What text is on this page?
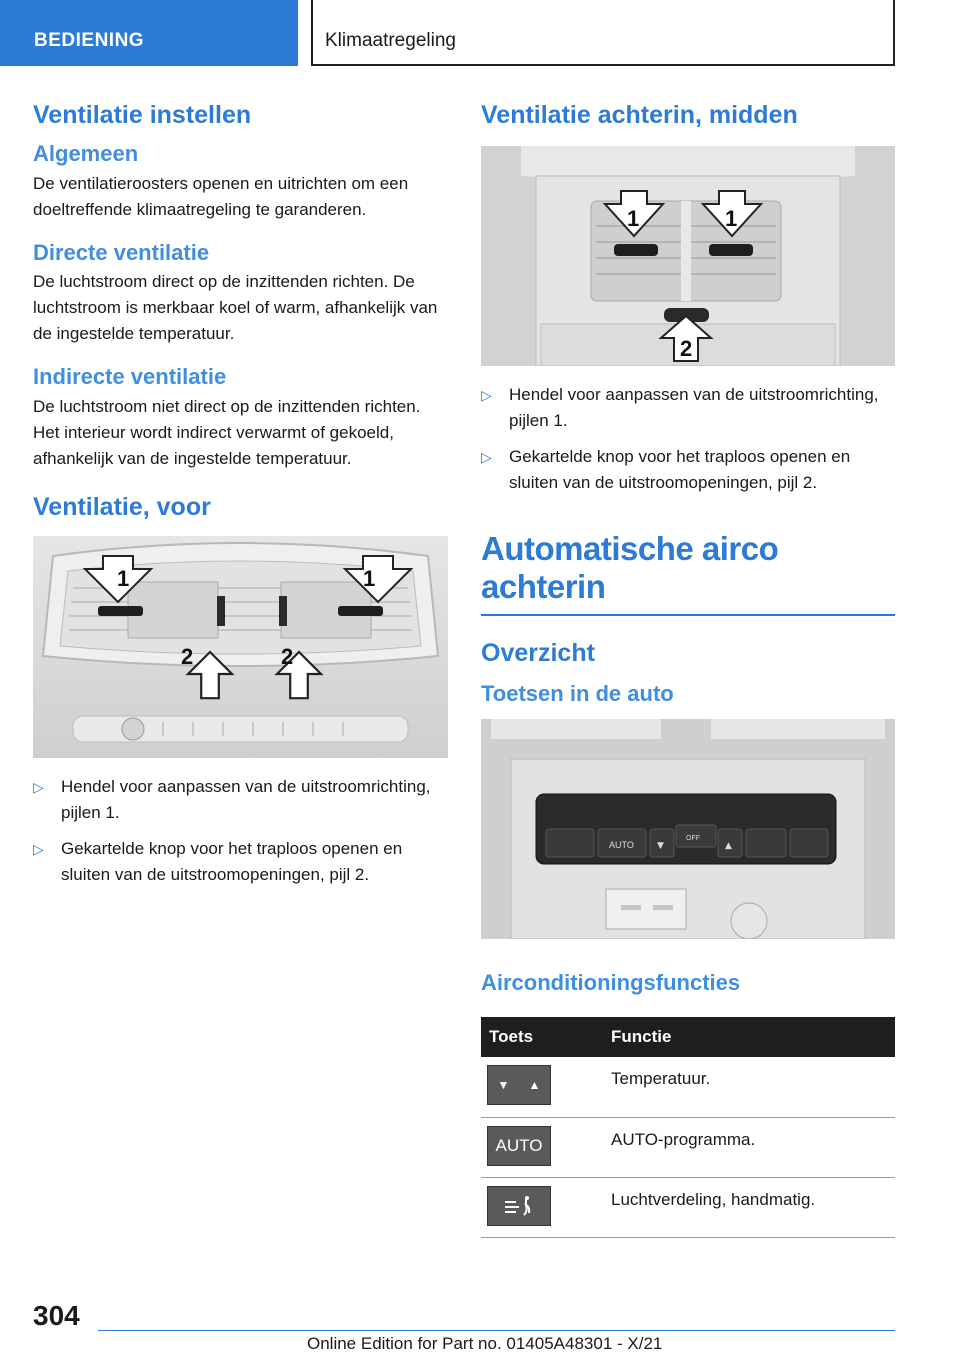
BEDIENING	Klimaatregeling
Ventilatie instellen
Algemeen

De ventilatieroosters openen en uitrichten om een doeltreffende klimaatregeling te garanderen.

Directe ventilatie

De luchtstroom direct op de inzittenden richten. De luchtstroom is merkbaar koel of warm, afhankelijk van de ingestelde temperatuur.

Indirecte ventilatie

De luchtstroom niet direct op de inzittenden richten. Het interieur wordt indirect verwarmt of gekoeld, afhankelijk van de ingestelde temperatuur.

Ventilatie, voor
1	1
2	2
▷ Hendel voor aanpassen van de uitstroomrichting, pijlen 1.
▷ Gekartelde knop voor het traploos openen en sluiten van de uitstroomopeningen, pijl 2.
Ventilatie achterin, midden
1	1
2
▷ Hendel voor aanpassen van de uitstroomrichting, pijlen 1.
▷ Gekartelde knop voor het traploos openen en sluiten van de uitstroomopeningen, pijl 2.
Automatische airco achterin
Overzicht
Toetsen in de auto
AUTO
OFF
▼	▲
Airconditioningsfuncties
Toets	Functie

▼ ▲	Temperatuur.

AUTO	AUTO-programma.

	Luchtverdeling, handmatig.
304
Online Edition for Part no. 01405A48301 - X/21
